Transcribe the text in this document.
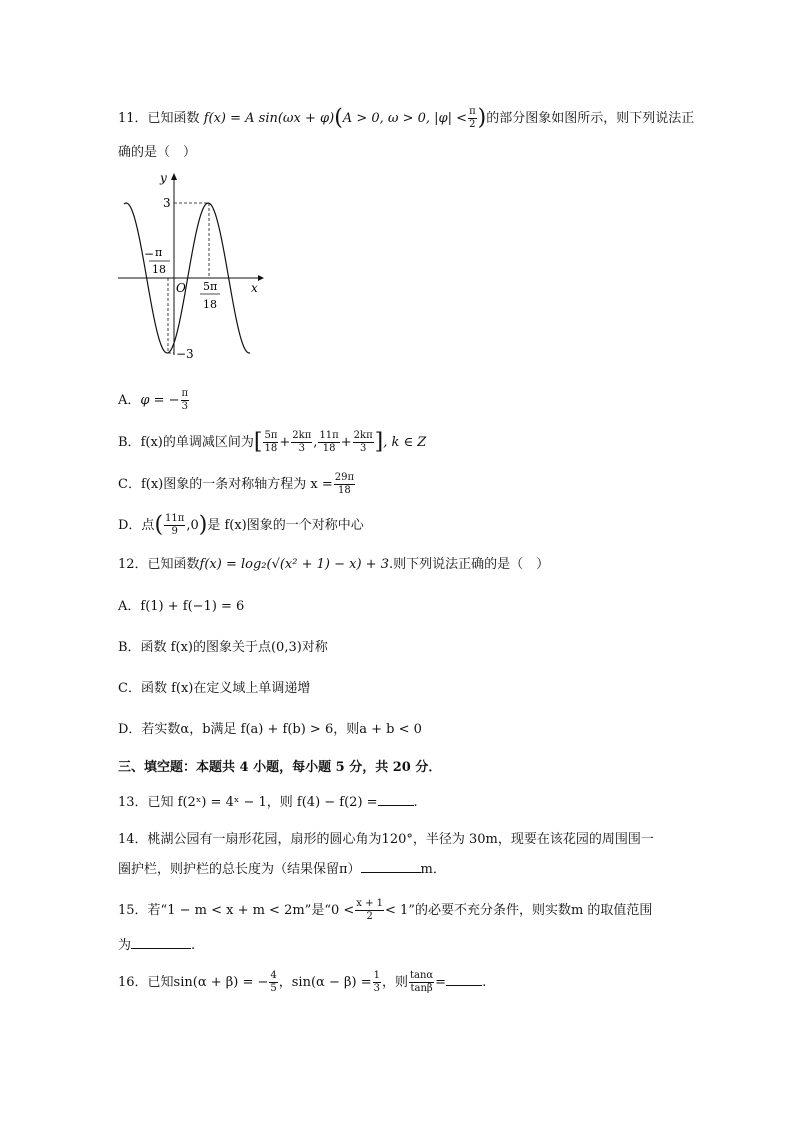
11．已知函数 f(x) = A sin(ωx + φ)(A > 0, ω > 0, $|\varphi| < \frac{\pi}{2}$ )的部分图象如图所示，则下列说法正
确的是（　）
y
x
O
3
−3
− π
18
5π
18
A．φ = − $\frac{\pi}{3}$
B．f(x)的单调减区间为[ $\frac{5\pi}{18} + \frac{2k\pi}{3}$ , $\frac{11\pi}{18} + \frac{2k\pi}{3}$ ], k ∈ Z
C．f(x)图象的一条对称轴方程为 $x = \frac{29\pi}{18}$
D．点( $\frac{11\pi}{9} ,0$)是 f(x)图象的一个对称中心
12．已知函数f(x) = log₂(√(x² + 1) − x) + 3.则下列说法正确的是（　）
A．f(1) + f(−1) = 6
B．函数 f(x)的图象关于点(0,3)对称
C．函数 f(x)在定义域上单调递增
D．若实数α，b满足 f(a) + f(b) > 6，则a + b < 0
三、填空题：本题共 4 小题，每小题 5 分，共 20 分．
13．已知 f(2ˣ) = 4ˣ − 1，则 f(4) − f(2) =	.
14．桃湖公园有一扇形花园，扇形的圆心角为120°，半径为 30m，现要在该花园的周围围一
圈护栏，则护栏的总长度为（结果保留π）	m．
15．若“1 − m < x + m < 2m”是“$0 < \frac{x + 1}{2} < 1$”的必要不充分条件，则实数m 的取值范围
为	.
16．已知sin(α + β) = − $\frac{4}{5}$ ，$\sin(\alpha - \beta) = \frac{1}{3}$ ，则 $\frac{\tan\alpha}{\tan\beta}$ =	.
